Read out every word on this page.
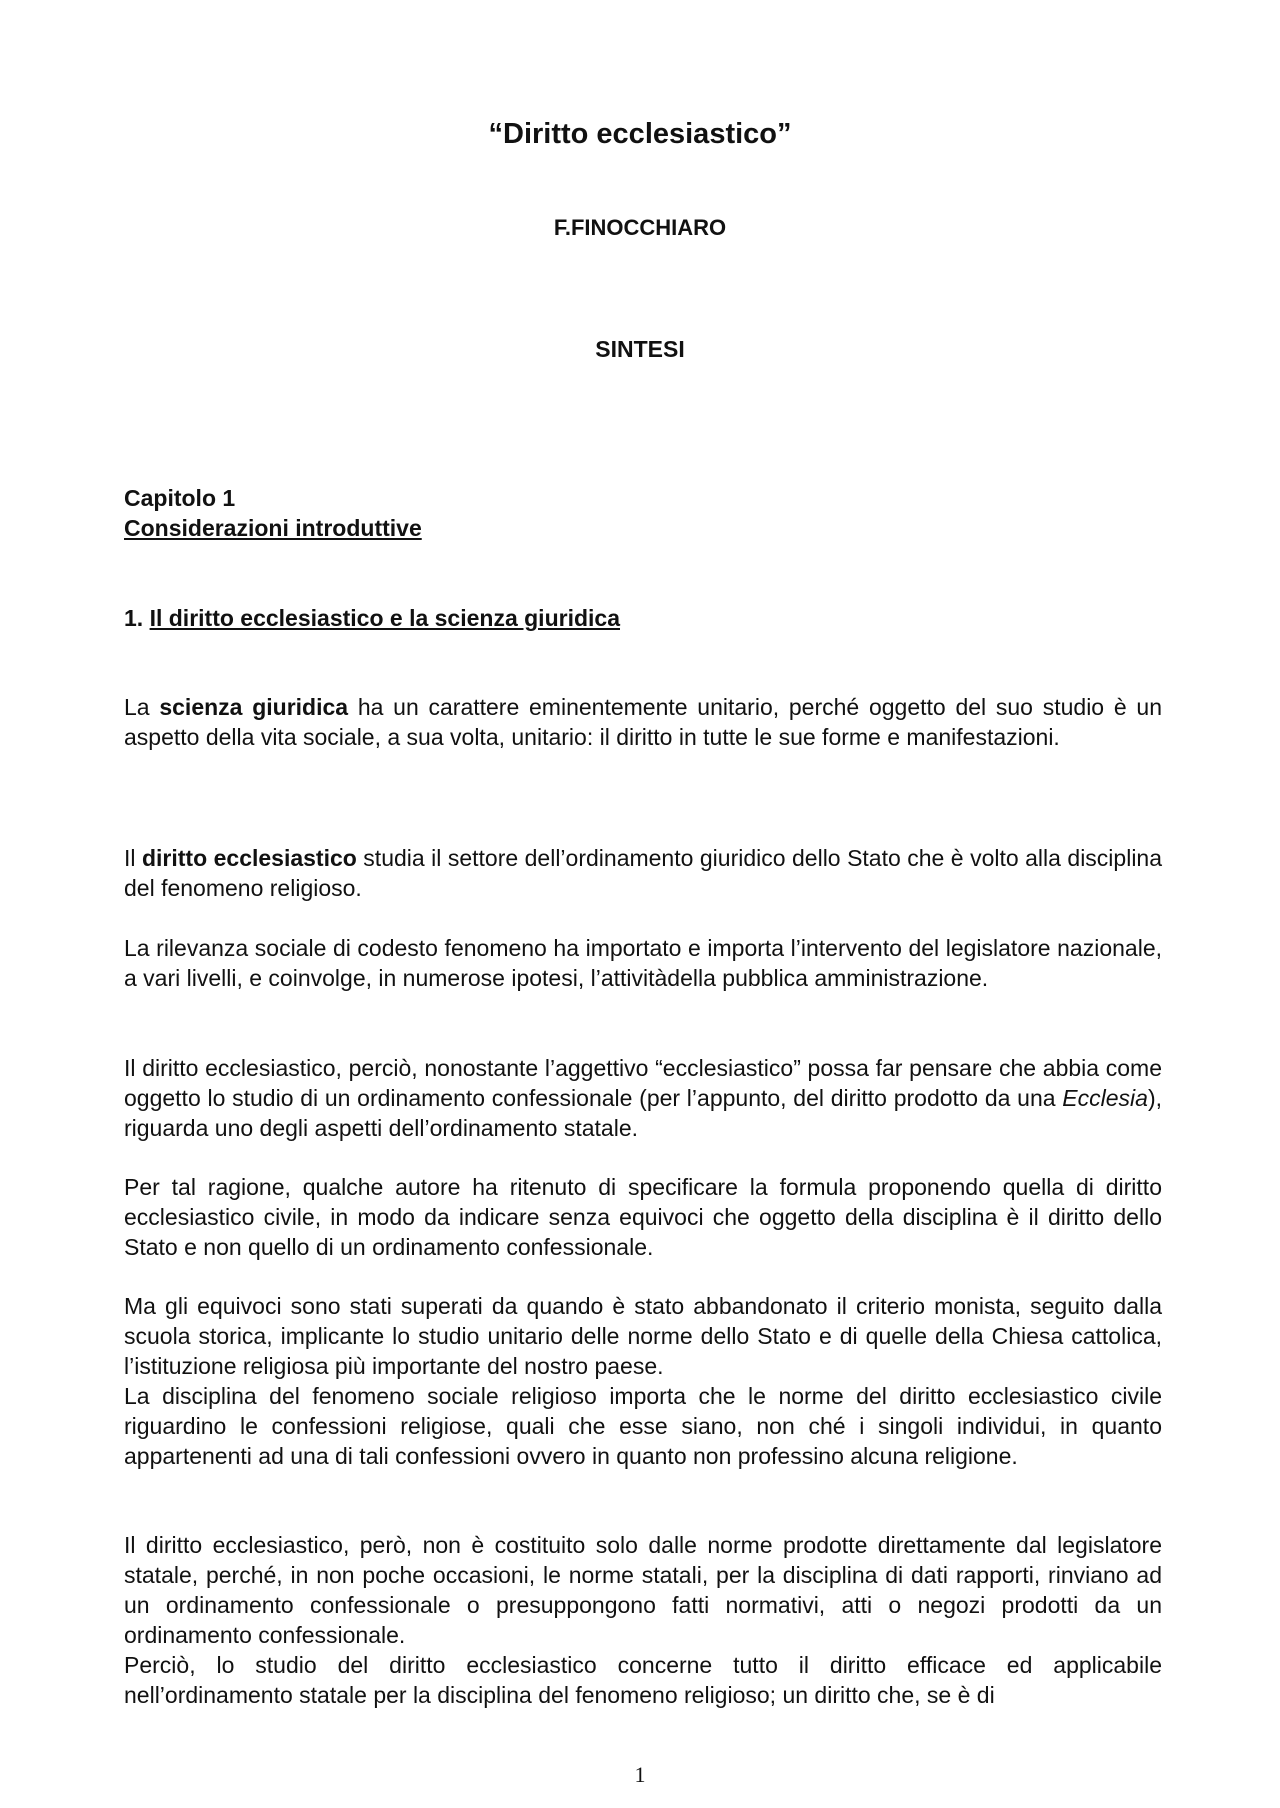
“Diritto ecclesiastico”
F.FINOCCHIARO
SINTESI
Capitolo 1
Considerazioni introduttive
1. Il diritto ecclesiastico e la scienza giuridica

La scienza giuridica ha un carattere eminentemente unitario, perché oggetto del suo studio è un aspetto della vita sociale, a sua volta, unitario: il diritto in tutte le sue forme e manifestazioni.

Il diritto ecclesiastico studia il settore dell’ordinamento giuridico dello Stato che è volto alla disciplina del fenomeno religioso.

La rilevanza sociale di codesto fenomeno ha importato e importa l’intervento del legislatore nazionale, a vari livelli, e coinvolge, in numerose ipotesi, l’attivitàdella pubblica amministrazione.

Il diritto ecclesiastico, perciò, nonostante l’aggettivo “ecclesiastico” possa far pensare che abbia come oggetto lo studio di un ordinamento confessionale (per l’appunto, del diritto prodotto da una Ecclesia), riguarda uno degli aspetti dell’ordinamento statale.

Per tal ragione, qualche autore ha ritenuto di specificare la formula proponendo quella di diritto ecclesiastico civile, in modo da indicare senza equivoci che oggetto della disciplina è il diritto dello Stato e non quello di un ordinamento confessionale.

Ma gli equivoci sono stati superati da quando è stato abbandonato il criterio monista, seguito dalla scuola storica, implicante lo studio unitario delle norme dello Stato e di quelle della Chiesa cattolica, l’istituzione religiosa più importante del nostro paese.

La disciplina del fenomeno sociale religioso importa che le norme del diritto ecclesiastico civile riguardino le confessioni religiose, quali che esse siano, non ché i singoli individui, in quanto appartenenti ad una di tali confessioni ovvero in quanto non professino alcuna religione.

Il diritto ecclesiastico, però, non è costituito solo dalle norme prodotte direttamente dal legislatore statale, perché, in non poche occasioni, le norme statali, per la disciplina di dati rapporti, rinviano ad un ordinamento confessionale o presuppongono fatti normativi, atti o negozi prodotti da un ordinamento confessionale.

Perciò, lo studio del diritto ecclesiastico concerne tutto il diritto efficace ed applicabile nell’ordinamento statale per la disciplina del fenomeno religioso; un diritto che, se è di

1
